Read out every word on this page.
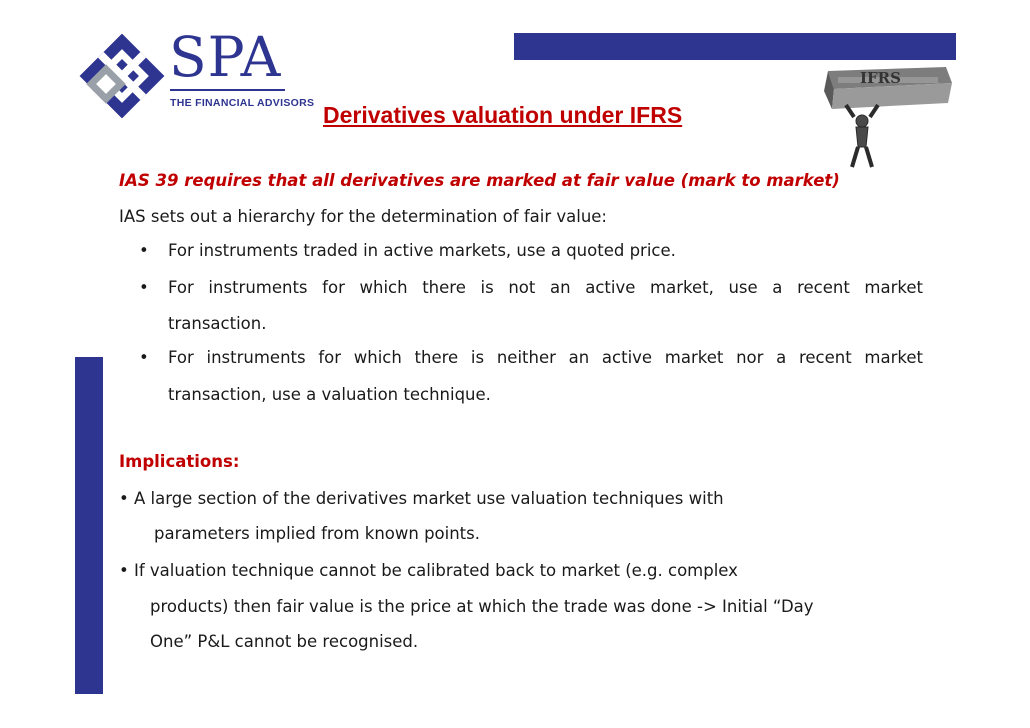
SPA
THE FINANCIAL ADVISORS Derivatives valuation under IFRS
IFRS
IAS 39 requires that all derivatives are marked at fair value (mark to market)
IAS sets out a hierarchy for the determination of fair value:
• For instruments traded in active markets, use a quoted price.
• For instruments for which there is not an active market, use a recent market
transaction.
• For instruments for which there is neither an active market nor a recent market
transaction, use a valuation technique.
Implications:
• A large section of the derivatives market use valuation techniques with
parameters implied from known points.
• If valuation technique cannot be calibrated back to market (e.g. complex
products) then fair value is the price at which the trade was done -> Initial “Day
One” P&L cannot be recognised.
